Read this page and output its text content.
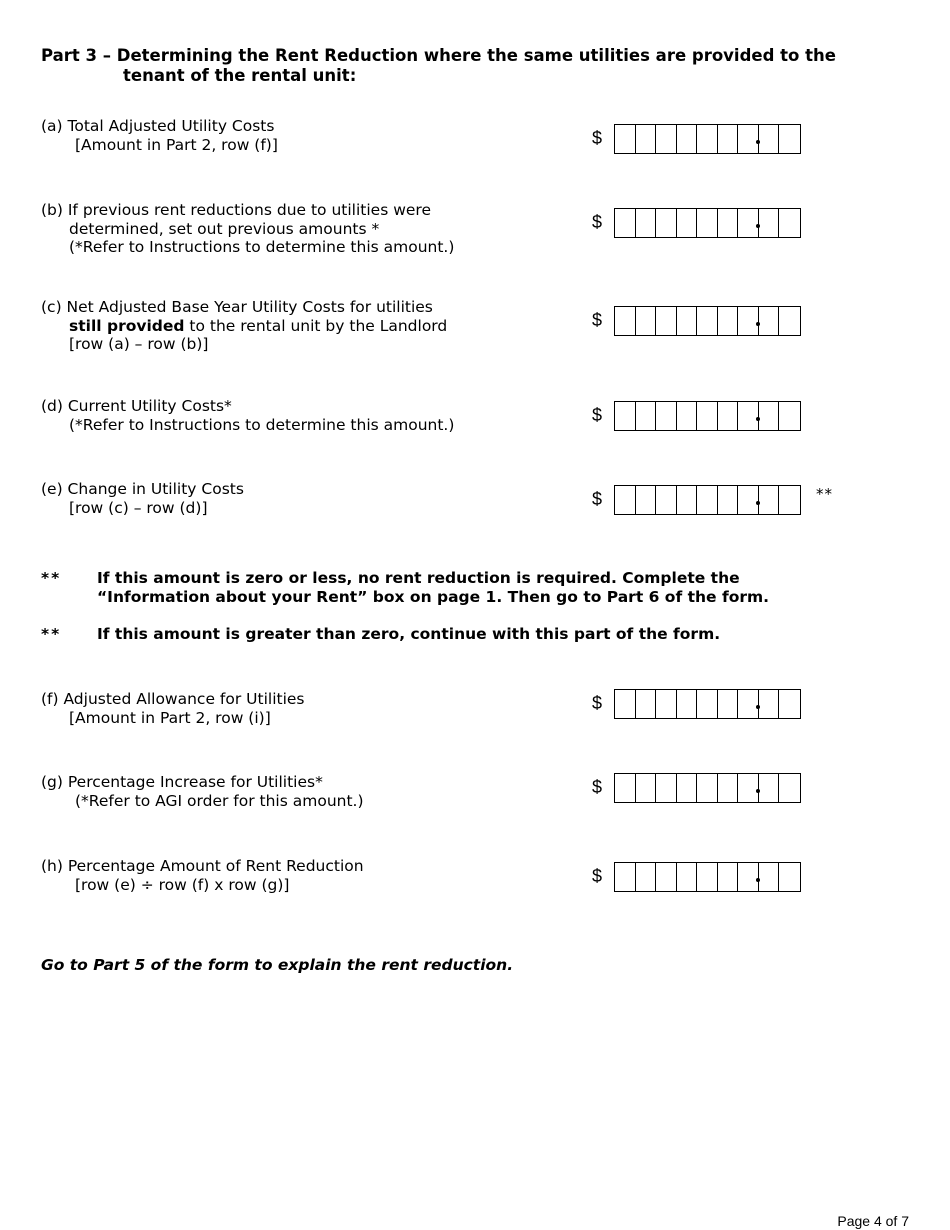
Part 3 – Determining the Rent Reduction where the same utilities are provided to the
tenant of the rental unit:
(a) Total Adjusted Utility Costs
[Amount in Part 2, row (f)]	$
(b) If previous rent reductions due to utilities were
determined, set out previous amounts *
(*Refer to Instructions to determine this amount.)
$
(c) Net Adjusted Base Year Utility Costs for utilities
still provided to the rental unit by the Landlord
[row (a) – row (b)]
$
(d) Current Utility Costs*
(*Refer to Instructions to determine this amount.)	$
(e) Change in Utility Costs
[row (c) – row (d)]	$	**
**	If this amount is zero or less, no rent reduction is required. Complete the
“Information about your Rent” box on page 1. Then go to Part 6 of the form.
**	If this amount is greater than zero, continue with this part of the form.
(f) Adjusted Allowance for Utilities
[Amount in Part 2, row (i)]
$
(g) Percentage Increase for Utilities*
(*Refer to AGI order for this amount.)
$
(h) Percentage Amount of Rent Reduction
[row (e) ÷ row (f) x row (g)]	$
Go to Part 5 of the form to explain the rent reduction.
Page 4 of 7
